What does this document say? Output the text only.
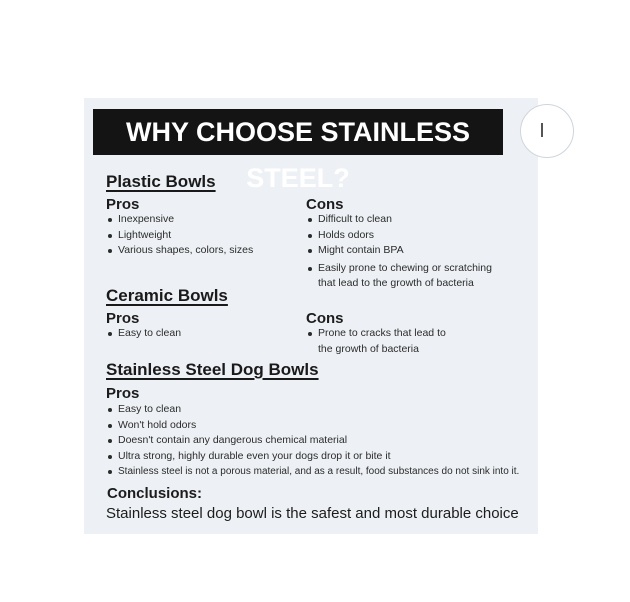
WHY CHOOSE STAINLESS STEEL?
Plastic Bowls
Pros
Inexpensive
Lightweight
Various shapes, colors, sizes
Cons
Difficult to clean
Holds odors
Might contain BPA
Easily prone to chewing or scratching
that lead to the growth of bacteria
Ceramic Bowls
Pros
Easy to clean
Cons
Prone to cracks that lead to
the growth of bacteria
Stainless Steel Dog Bowls
Pros
Easy to clean
Won't hold odors
Doesn't contain any dangerous chemical material
Ultra strong, highly durable even your dogs drop it or bite it
Stainless steel is not a porous material, and as a result, food substances do not sink into it.
Conclusions:
Stainless steel dog bowl is the safest and most durable choice
